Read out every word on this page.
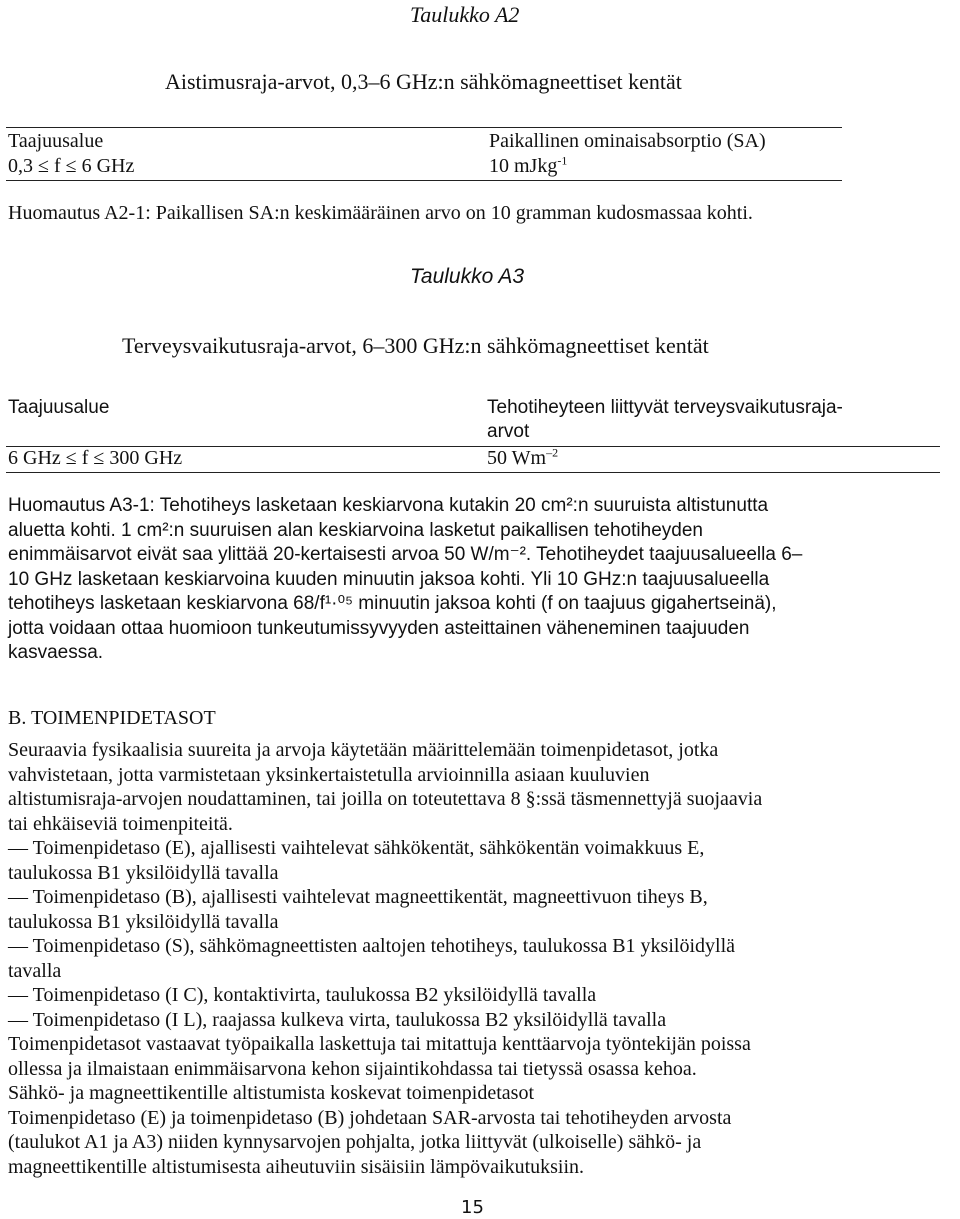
Taulukko A2
Aistimusraja-arvot, 0,3–6 GHz:n sähkömagneettiset kentät
Taajuusalue	Paikallinen ominaisabsorptio (SA)
0,3 ≤ f ≤ 6 GHz	10 mJkg$^{-1}$
Huomautus A2-1: Paikallisen SA:n keskimääräinen arvo on 10 gramman kudosmassaa kohti.
Taulukko A3
Terveysvaikutusraja-arvot, 6–300 GHz:n sähkömagneettiset kentät
Taajuusalue	Tehotiheyteen liittyvät terveysvaikutusraja-
arvot
6 GHz ≤ f ≤ 300 GHz	50 $Wm^{-2}$
Huomautus A3-1: Tehotiheys lasketaan keskiarvona kutakin 20 cm²:n suuruista altistunutta
aluetta kohti. 1 cm²:n suuruisen alan keskiarvoina lasketut paikallisen tehotiheyden
enimmäisarvot eivät saa ylittää 20-kertaisesti arvoa 50 W/m⁻². Tehotiheydet taajuusalueella 6–
10 GHz lasketaan keskiarvoina kuuden minuutin jaksoa kohti. Yli 10 GHz:n taajuusalueella
tehotiheys lasketaan keskiarvona 68/f¹·⁰⁵ minuutin jaksoa kohti (f on taajuus gigahertseinä),
jotta voidaan ottaa huomioon tunkeutumissyvyyden asteittainen väheneminen taajuuden
kasvaessa.
B. TOIMENPIDETASOT
Seuraavia fysikaalisia suureita ja arvoja käytetään määrittelemään toimenpidetasot, jotka
vahvistetaan, jotta varmistetaan yksinkertaistetulla arvioinnilla asiaan kuuluvien
altistumisraja-arvojen noudattaminen, tai joilla on toteutettava 8 §:ssä täsmennettyjä suojaavia
tai ehkäiseviä toimenpiteitä.
— Toimenpidetaso (E), ajallisesti vaihtelevat sähkökentät, sähkökentän voimakkuus E,
taulukossa B1 yksilöidyllä tavalla
— Toimenpidetaso (B), ajallisesti vaihtelevat magneettikentät, magneettivuon tiheys B,
taulukossa B1 yksilöidyllä tavalla
— Toimenpidetaso (S), sähkömagneettisten aaltojen tehotiheys, taulukossa B1 yksilöidyllä
tavalla
— Toimenpidetaso (I C), kontaktivirta, taulukossa B2 yksilöidyllä tavalla
— Toimenpidetaso (I L), raajassa kulkeva virta, taulukossa B2 yksilöidyllä tavalla
Toimenpidetasot vastaavat työpaikalla laskettuja tai mitattuja kenttäarvoja työntekijän poissa
ollessa ja ilmaistaan enimmäisarvona kehon sijaintikohdassa tai tietyssä osassa kehoa.
Sähkö- ja magneettikentille altistumista koskevat toimenpidetasot
Toimenpidetaso (E) ja toimenpidetaso (B) johdetaan SAR-arvosta tai tehotiheyden arvosta
(taulukot A1 ja A3) niiden kynnysarvojen pohjalta, jotka liittyvät (ulkoiselle) sähkö- ja
magneettikentille altistumisesta aiheutuviin sisäisiin lämpövaikutuksiin.
15
